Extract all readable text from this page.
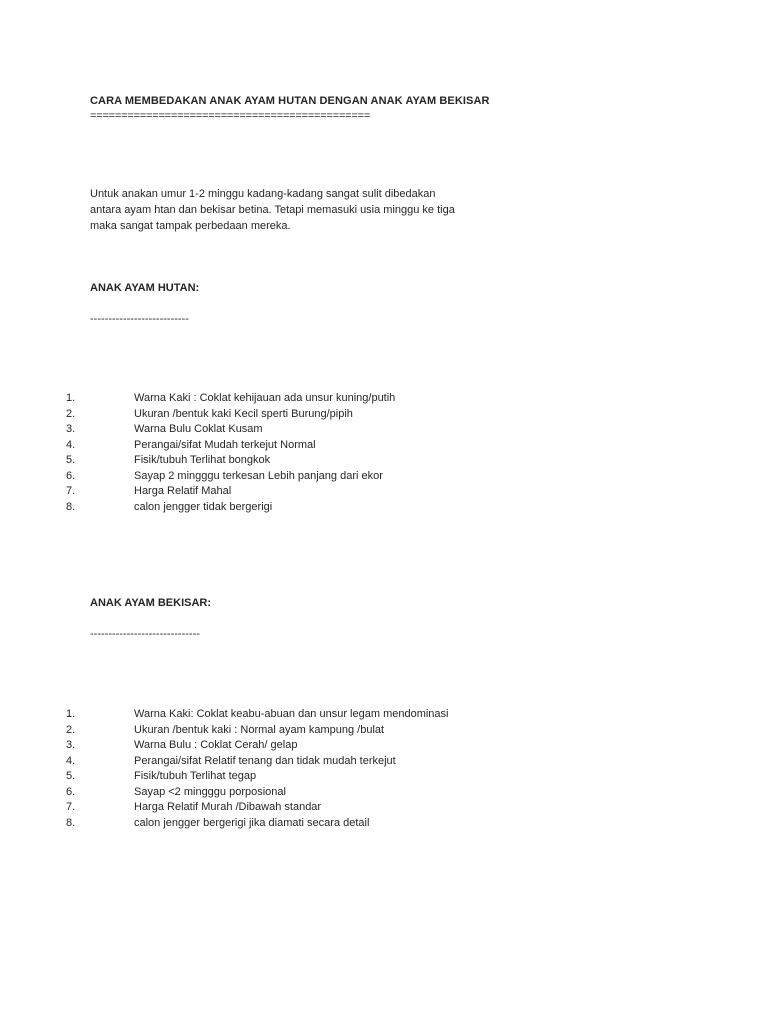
CARA MEMBEDAKAN ANAK AYAM HUTAN DENGAN ANAK AYAM BEKISAR
=============================================

Untuk anakan umur 1-2 minggu kadang-kadang sangat sulit dibedakan

antara ayam htan dan bekisar betina. Tetapi memasuki usia minggu ke tiga

maka sangat tampak perbedaan mereka.

ANAK AYAM HUTAN:
---------------------------
1.	Warna Kaki : Coklat kehijauan ada unsur kuning/putih
2.	Ukuran /bentuk kaki Kecil sperti Burung/pipih
3.	Warna Bulu Coklat Kusam
4.	Perangai/sifat Mudah terkejut Normal
5.	Fisik/tubuh Terlihat bongkok
6.	Sayap 2 mingggu terkesan Lebih panjang dari ekor
7.	Harga Relatif Mahal
8.	calon jengger tidak bergerigi
ANAK AYAM BEKISAR:
------------------------------
1.	Warna Kaki: Coklat keabu-abuan dan unsur legam mendominasi
2.	Ukuran /bentuk kaki : Normal ayam kampung /bulat
3.	Warna Bulu : Coklat Cerah/ gelap
4.	Perangai/sifat Relatif tenang dan tidak mudah terkejut
5.	Fisik/tubuh Terlihat tegap
6.	Sayap <2 mingggu porposional
7.	Harga Relatif Murah /Dibawah standar
8.	calon jengger bergerigi jika diamati secara detail
